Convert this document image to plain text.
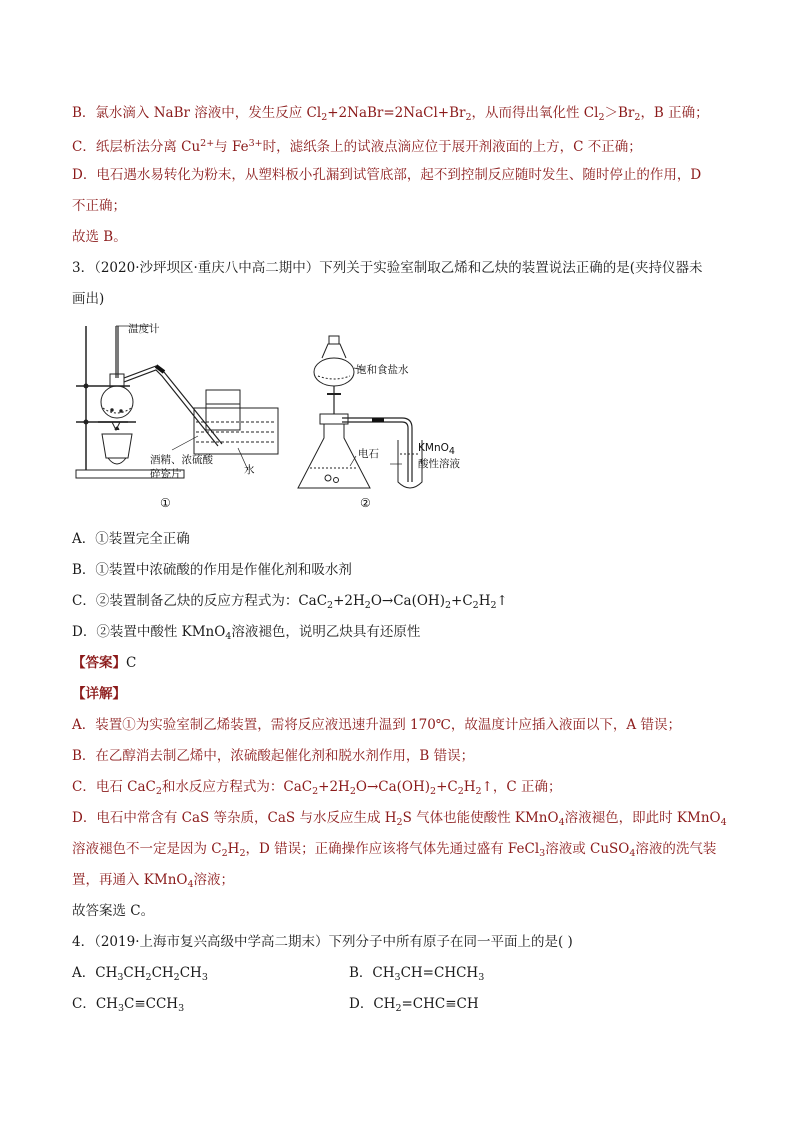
B．氯水滴入 NaBr 溶液中，发生反应 $Cl_2+2NaBr=2NaCl+Br_2$，从而得出氧化性 $Cl_2>Br_2$，B 正确；
C．纸层析法分离 $Cu^{2+}$与 $Fe^{3+}$时，滤纸条上的试液点滴应位于展开剂液面的上方，C 不正确；
D．电石遇水易转化为粉末，从塑料板小孔漏到试管底部，起不到控制反应随时发生、随时停止的作用，D
不正确；
故选 B。
3．（2020·沙坪坝区·重庆八中高二期中）下列关于实验室制取乙烯和乙炔的装置说法正确的是(夹持仪器未
画出)
温度计
酒精、浓硫酸
碎瓷片	水
①
饱和食盐水
电石	KMnO4
酸性溶液
②
A．①装置完全正确
B．①装置中浓硫酸的作用是作催化剂和吸水剂
C．②装置制备乙炔的反应方程式为：$CaC_2+2H_2O\to Ca(OH)_2+C_2H_2↑$
D．②装置中酸性 KMnO$_4$溶液褪色，说明乙炔具有还原性
【答案】C
【详解】
A．装置①为实验室制乙烯装置，需将反应液迅速升温到 170℃，故温度计应插入液面以下，A 错误；
B．在乙醇消去制乙烯中，浓硫酸起催化剂和脱水剂作用，B 错误；
C．电石 CaC$_2$和水反应方程式为：$CaC_2+2H_2O\to Ca(OH)_2+C_2H_2↑$，C 正确；
D．电石中常含有 CaS 等杂质，CaS 与水反应生成 $H_2S$ 气体也能使酸性 KMnO$_4$溶液褪色，即此时 KMnO$_4$
溶液褪色不一定是因为 $C_2H_2$，D 错误；正确操作应该将气体先通过盛有 FeCl$_3$溶液或 CuSO$_4$溶液的洗气装
置，再通入 KMnO$_4$溶液；
故答案选 C。
4．（2019·上海市复兴高级中学高二期末）下列分子中所有原子在同一平面上的是( )
A．$CH_3CH_2CH_2CH_3$	B．$CH_3CH=CHCH_3$
C．$CH_3C\equiv CCH_3$	D．$CH_2=CHC\equiv CH$
